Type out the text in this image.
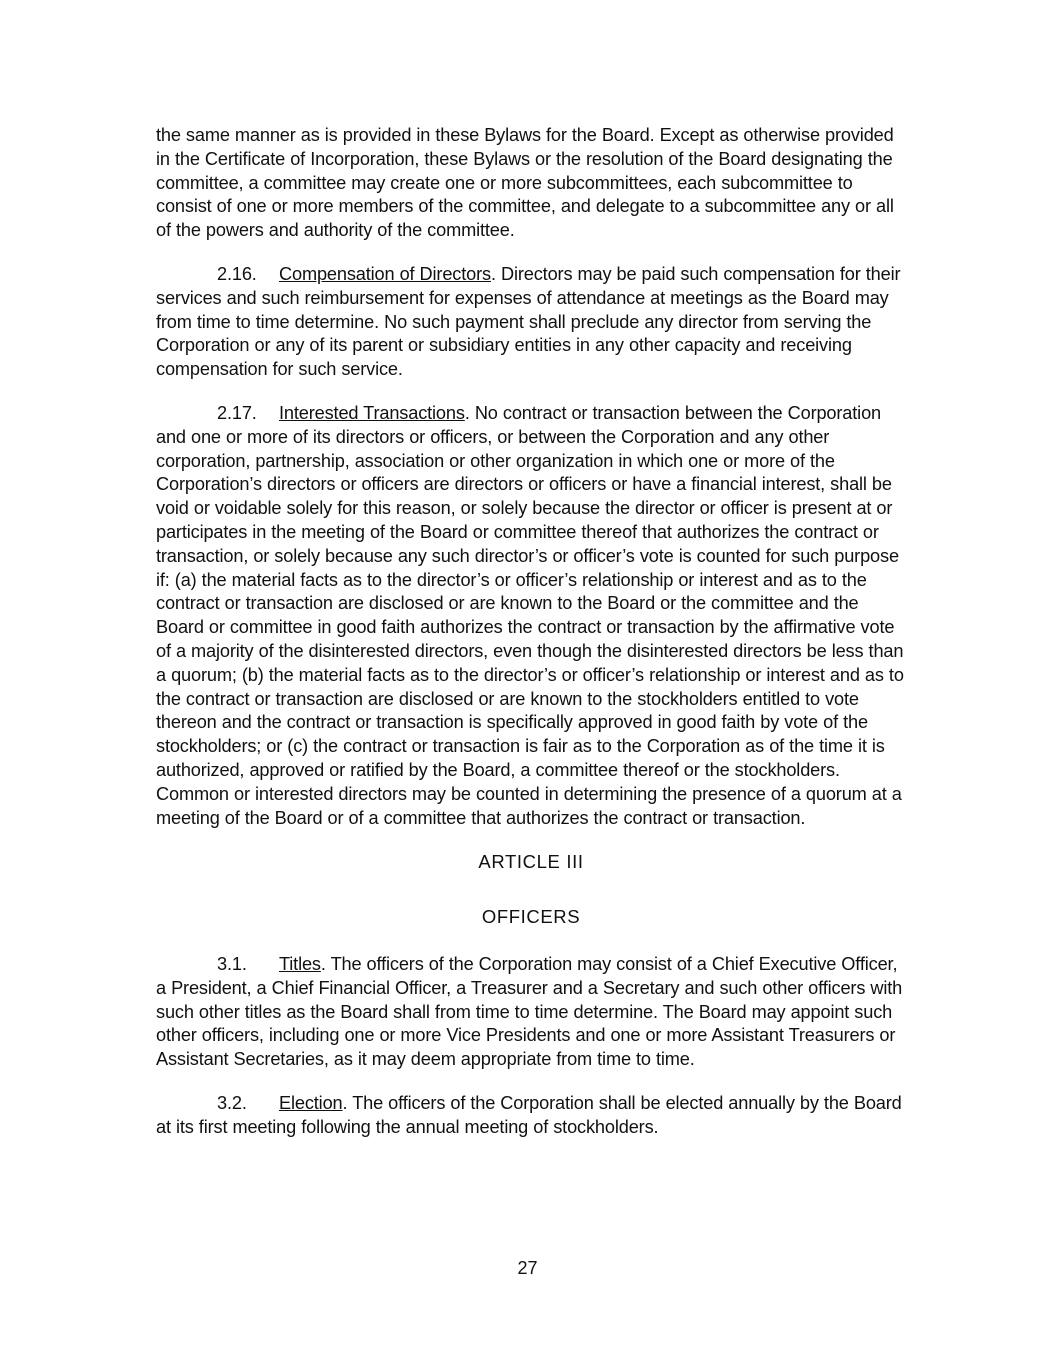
the same manner as is provided in these Bylaws for the Board. Except as otherwise provided in the Certificate of Incorporation, these Bylaws or the resolution of the Board designating the committee, a committee may create one or more subcommittees, each subcommittee to consist of one or more members of the committee, and delegate to a subcommittee any or all of the powers and authority of the committee.

2.16. Compensation of Directors. Directors may be paid such compensation for their services and such reimbursement for expenses of attendance at meetings as the Board may from time to time determine. No such payment shall preclude any director from serving the Corporation or any of its parent or subsidiary entities in any other capacity and receiving compensation for such service.

2.17. Interested Transactions. No contract or transaction between the Corporation and one or more of its directors or officers, or between the Corporation and any other corporation, partnership, association or other organization in which one or more of the Corporation’s directors or officers are directors or officers or have a financial interest, shall be void or voidable solely for this reason, or solely because the director or officer is present at or participates in the meeting of the Board or committee thereof that authorizes the contract or transaction, or solely because any such director’s or officer’s vote is counted for such purpose if: (a) the material facts as to the director’s or officer’s relationship or interest and as to the contract or transaction are disclosed or are known to the Board or the committee and the Board or committee in good faith authorizes the contract or transaction by the affirmative vote of a majority of the disinterested directors, even though the disinterested directors be less than a quorum; (b) the material facts as to the director’s or officer’s relationship or interest and as to the contract or transaction are disclosed or are known to the stockholders entitled to vote thereon and the contract or transaction is specifically approved in good faith by vote of the stockholders; or (c) the contract or transaction is fair as to the Corporation as of the time it is authorized, approved or ratified by the Board, a committee thereof or the stockholders. Common or interested directors may be counted in determining the presence of a quorum at a meeting of the Board or of a committee that authorizes the contract or transaction.

ARTICLE III

OFFICERS

3.1. Titles. The officers of the Corporation may consist of a Chief Executive Officer, a President, a Chief Financial Officer, a Treasurer and a Secretary and such other officers with such other titles as the Board shall from time to time determine. The Board may appoint such other officers, including one or more Vice Presidents and one or more Assistant Treasurers or Assistant Secretaries, as it may deem appropriate from time to time.

3.2. Election. The officers of the Corporation shall be elected annually by the Board at its first meeting following the annual meeting of stockholders.

27
